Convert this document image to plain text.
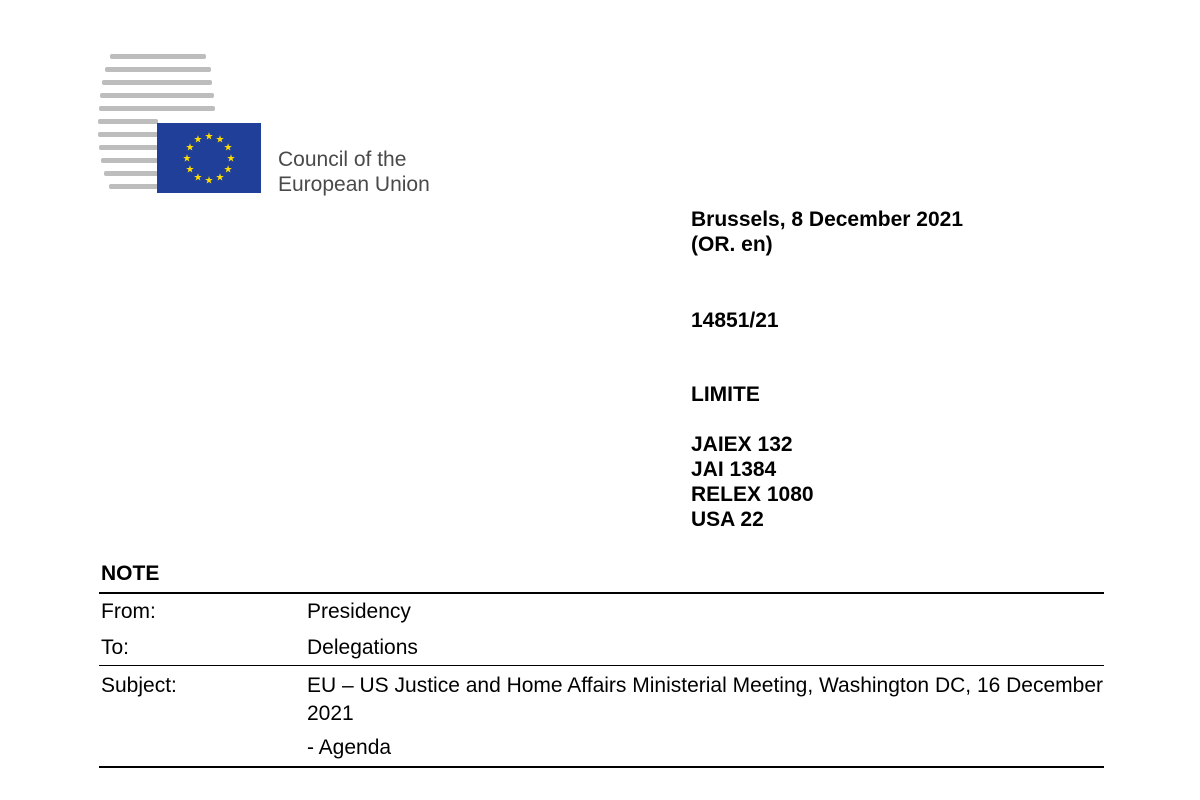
★ ★
★
★
★
★
★
★
★
★
★
★
Council of the
European Union
Brussels, 8 December 2021
(OR. en)
14851/21
LIMITE
JAIEX 132
JAI 1384
RELEX 1080
USA 22
NOTE
From:	Presidency
To:	Delegations
Subject:	EU – US Justice and Home Affairs Ministerial Meeting, Washington DC, 16 December 2021
- Agenda
